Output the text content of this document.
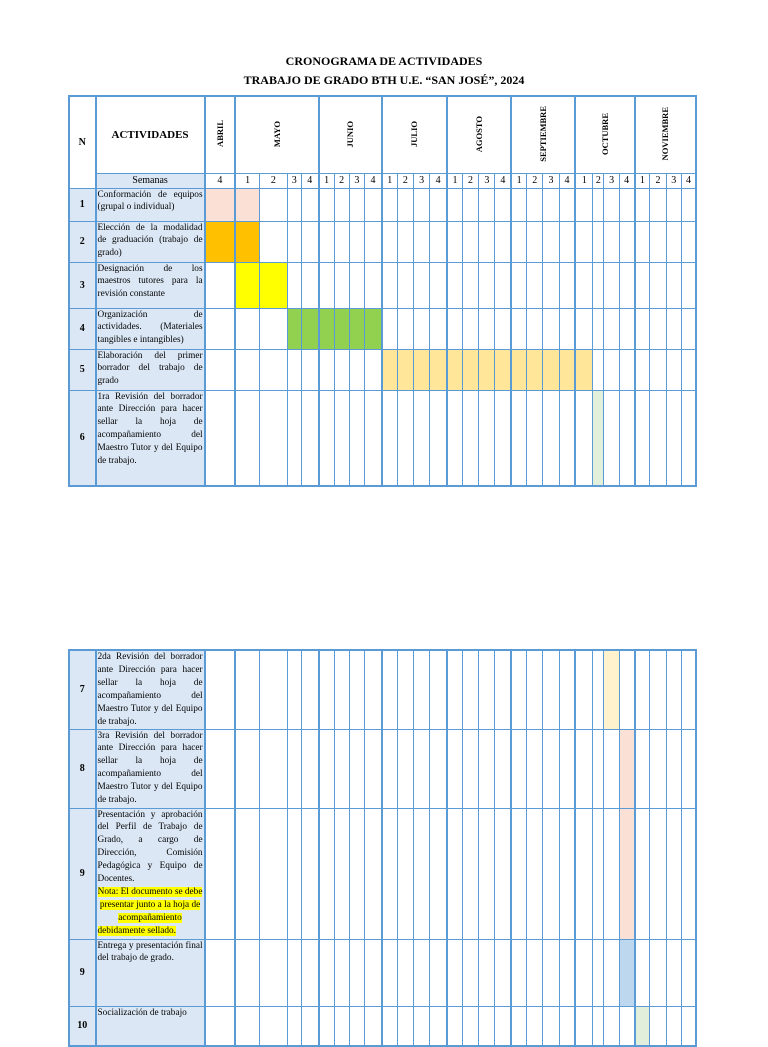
CRONOGRAMA DE ACTIVIDADES
TRABAJO DE GRADO BTH U.E. “SAN JOSÉ”, 2024
N	ACTIVIDADES	ABRIL	MAYO				JUNIO				JULIO				AGOSTO				SEPTIEMBRE				OCTUBRE				NOVIEMBRE			
	Semanas	4	1	2	3	4	1	2	3	4	1	2	3	4	1	2	3	4	1	2	3	4	1	2	3	4	1	2	3	4
1	Conformación de equipos (grupal o individual)																													

2	Elección de la modalidad de graduación (trabajo de grado)																													

3	Designación de los maestros tutores para la revisión constante																													

4	Organización de actividades. (Materiales tangibles e intangibles)																													

5	Elaboración del primer borrador del trabajo de grado																													

6	1ra Revisión del borrador ante Dirección para hacer sellar la hoja de acompañamiento del Maestro Tutor y del Equipo de trabajo.																													

7	2da Revisión del borrador ante Dirección para hacer sellar la hoja de acompañamiento del Maestro Tutor y del Equipo de trabajo.																													

8	3ra Revisión del borrador ante Dirección para hacer sellar la hoja de acompañamiento del Maestro Tutor y del Equipo de trabajo.																													

9	Presentación y aprobación del Perfil de Trabajo de Grado, a cargo de Dirección, Comisión Pedagógica y Equipo de Docentes.
Nota: El documento se debe presentar junto a la hoja de acompañamiento debidamente sellado.																													

9	Entrega y presentación final del trabajo de grado.																													

10	Socialización de trabajo																													
